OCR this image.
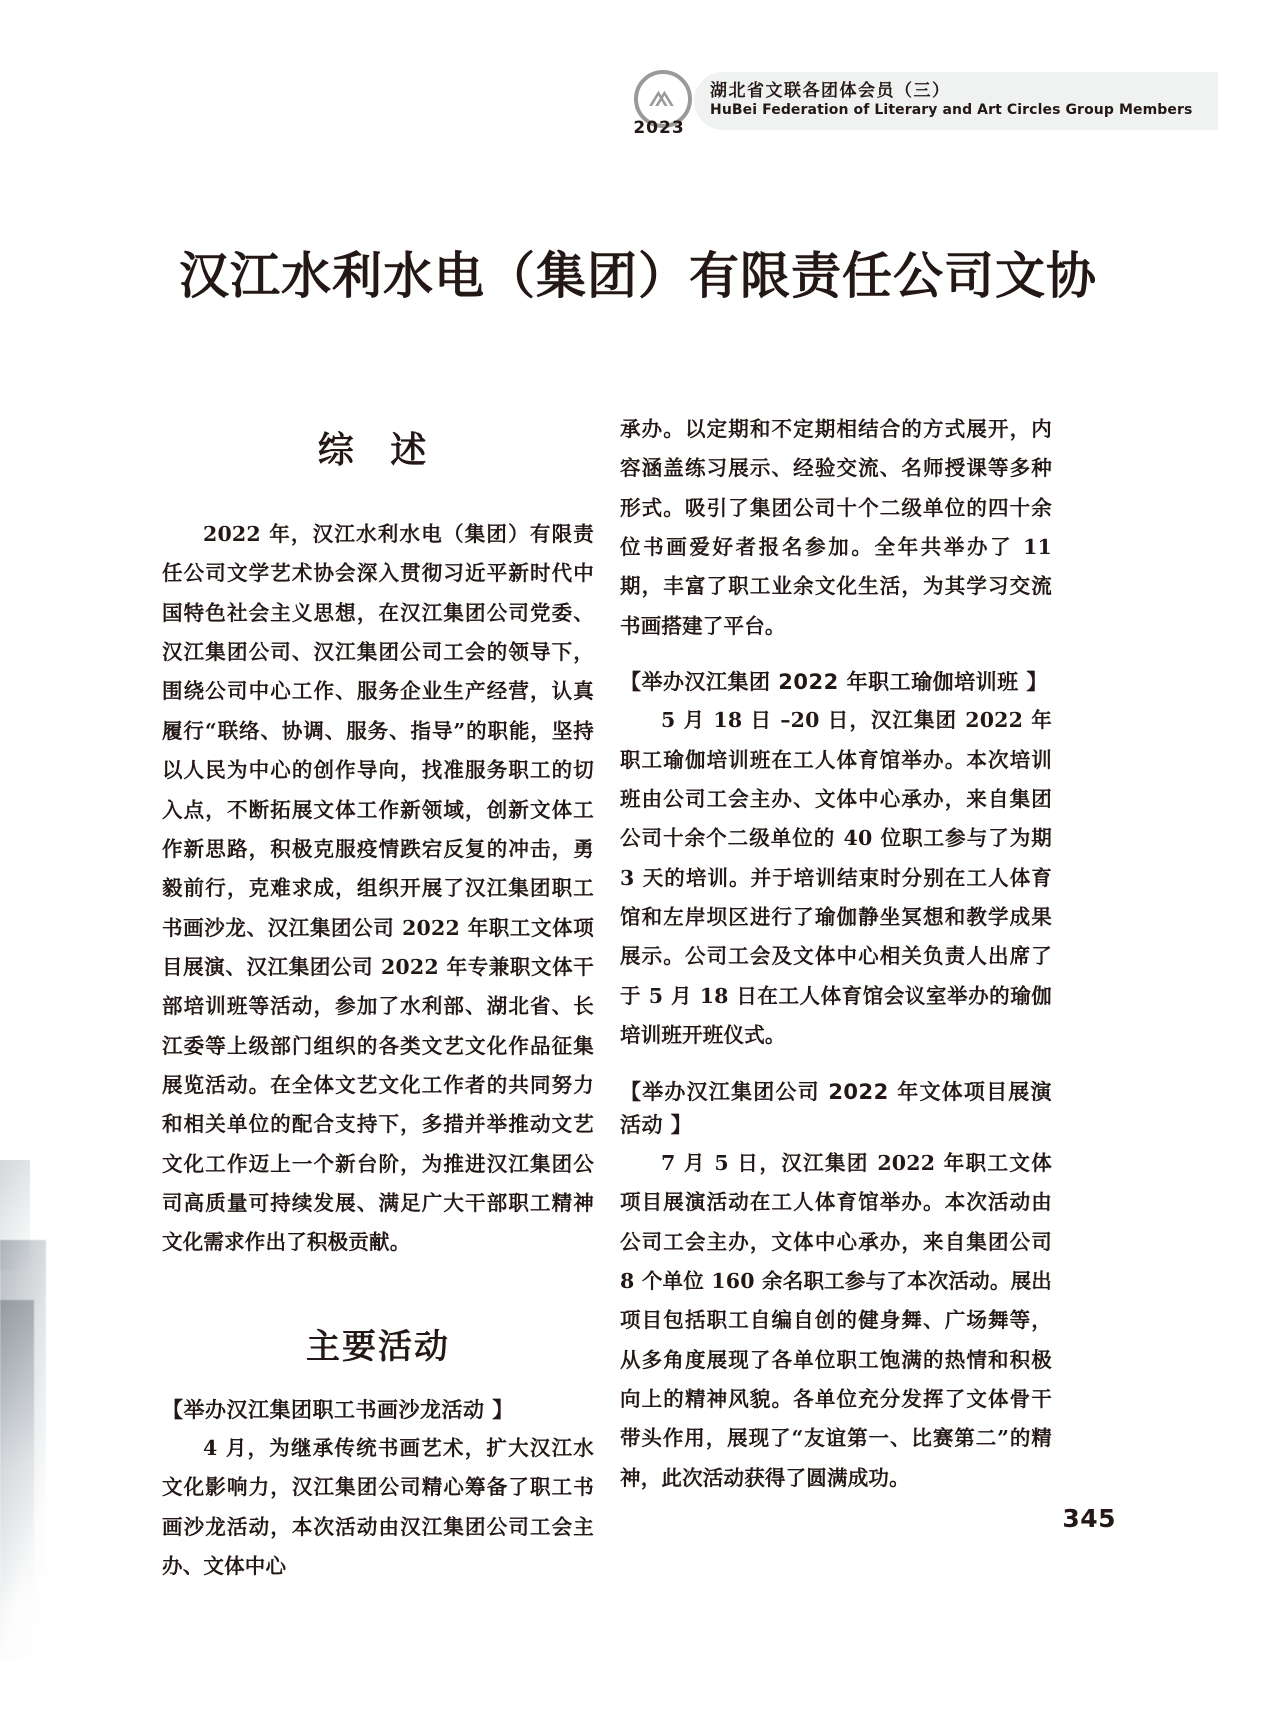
⩕
2023
湖北省文联各团体会员（三）
HuBei Federation of Literary and Art Circles Group Members
汉江水利水电（集团）有限责任公司文协
综 述

2022 年，汉江水利水电（集团）有限责任公司文学艺术协会深入贯彻习近平新时代中国特色社会主义思想，在汉江集团公司党委、汉江集团公司、汉江集团公司工会的领导下，围绕公司中心工作、服务企业生产经营，认真履行“联络、协调、服务、指导”的职能，坚持以人民为中心的创作导向，找准服务职工的切入点，不断拓展文体工作新领域，创新文体工作新思路，积极克服疫情跌宕反复的冲击，勇毅前行，克难求成，组织开展了汉江集团职工书画沙龙、汉江集团公司 2022 年职工文体项目展演、汉江集团公司 2022 年专兼职文体干部培训班等活动，参加了水利部、湖北省、长江委等上级部门组织的各类文艺文化作品征集展览活动。在全体文艺文化工作者的共同努力和相关单位的配合支持下，多措并举推动文艺文化工作迈上一个新台阶，为推进汉江集团公司高质量可持续发展、满足广大干部职工精神文化需求作出了积极贡献。

主要活动
【举办汉江集团职工书画沙龙活动 】

4 月，为继承传统书画艺术，扩大汉江水文化影响力，汉江集团公司精心筹备了职工书画沙龙活动，本次活动由汉江集团公司工会主办、文体中心

承办。以定期和不定期相结合的方式展开，内容涵盖练习展示、经验交流、名师授课等多种形式。吸引了集团公司十个二级单位的四十余位书画爱好者报名参加。全年共举办了 11 期，丰富了职工业余文化生活，为其学习交流书画搭建了平台。

【举办汉江集团 2022 年职工瑜伽培训班 】

5 月 18 日 –20 日，汉江集团 2022 年职工瑜伽培训班在工人体育馆举办。本次培训班由公司工会主办、文体中心承办，来自集团公司十余个二级单位的 40 位职工参与了为期 3 天的培训。并于培训结束时分别在工人体育馆和左岸坝区进行了瑜伽静坐冥想和教学成果展示。公司工会及文体中心相关负责人出席了于 5 月 18 日在工人体育馆会议室举办的瑜伽培训班开班仪式。

【举办汉江集团公司 2022 年文体项目展演活动 】

7 月 5 日，汉江集团 2022 年职工文体项目展演活动在工人体育馆举办。本次活动由公司工会主办，文体中心承办，来自集团公司 8 个单位 160 余名职工参与了本次活动。展出项目包括职工自编自创的健身舞、广场舞等，从多角度展现了各单位职工饱满的热情和积极向上的精神风貌。各单位充分发挥了文体骨干带头作用，展现了“友谊第一、比赛第二”的精神，此次活动获得了圆满成功。

345
